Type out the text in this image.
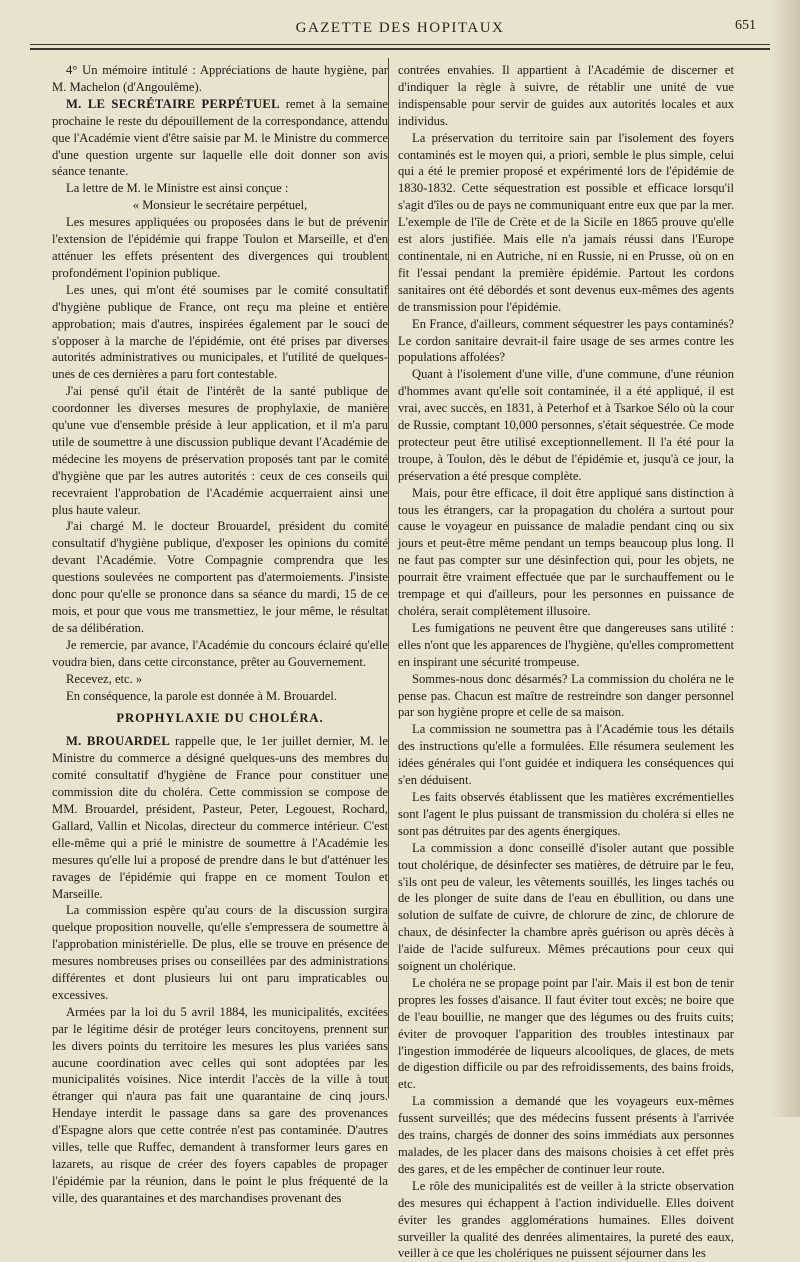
GAZETTE DES HOPITAUX	651

4° Un mémoire intitulé : Appréciations de haute hygiène, par M. Machelon (d'Angoulême).

M. LE SECRÉTAIRE PERPÉTUEL remet à la semaine prochaine le reste du dépouillement de la correspondance, attendu que l'Académie vient d'être saisie par M. le Ministre du commerce d'une question urgente sur laquelle elle doit donner son avis séance tenante.

La lettre de M. le Ministre est ainsi conçue :

« Monsieur le secrétaire perpétuel,

Les mesures appliquées ou proposées dans le but de prévenir l'extension de l'épidémie qui frappe Toulon et Marseille, et d'en atténuer les effets présentent des divergences qui troublent profondément l'opinion publique.

Les unes, qui m'ont été soumises par le comité consultatif d'hygiène publique de France, ont reçu ma pleine et entière approbation; mais d'autres, inspirées également par le souci de s'opposer à la marche de l'épidémie, ont été prises par diverses autorités administratives ou municipales, et l'utilité de quelques-unes de ces dernières a paru fort contestable.

J'ai pensé qu'il était de l'intérêt de la santé publique de coordonner les diverses mesures de prophylaxie, de manière qu'une vue d'ensemble préside à leur application, et il m'a paru utile de soumettre à une discussion publique devant l'Académie de médecine les moyens de préservation proposés tant par le comité d'hygiène que par les autres autorités : ceux de ces conseils qui recevraient l'approbation de l'Académie acquerraient ainsi une plus haute valeur.

J'ai chargé M. le docteur Brouardel, président du comité consultatif d'hygiène publique, d'exposer les opinions du comité devant l'Académie. Votre Compagnie comprendra que les questions soulevées ne comportent pas d'atermoiements. J'insiste donc pour qu'elle se prononce dans sa séance du mardi, 15 de ce mois, et pour que vous me transmettiez, le jour même, le résultat de sa délibération.

Je remercie, par avance, l'Académie du concours éclairé qu'elle voudra bien, dans cette circonstance, prêter au Gouvernement.

Recevez, etc. »

En conséquence, la parole est donnée à M. Brouardel.

PROPHYLAXIE DU CHOLÉRA.

M. BROUARDEL rappelle que, le 1er juillet dernier, M. le Ministre du commerce a désigné quelques-uns des membres du comité consultatif d'hygiène de France pour constituer une commission dite du choléra. Cette commission se compose de MM. Brouardel, président, Pasteur, Peter, Legouest, Rochard, Gallard, Vallin et Nicolas, directeur du commerce intérieur. C'est elle-même qui a prié le ministre de soumettre à l'Académie les mesures qu'elle lui a proposé de prendre dans le but d'atténuer les ravages de l'épidémie qui frappe en ce moment Toulon et Marseille.

La commission espère qu'au cours de la discussion surgira quelque proposition nouvelle, qu'elle s'empressera de soumettre à l'approbation ministérielle. De plus, elle se trouve en présence de mesures nombreuses prises ou conseillées par des administrations différentes et dont plusieurs lui ont paru impraticables ou excessives.

Armées par la loi du 5 avril 1884, les municipalités, excitées par le légitime désir de protéger leurs concitoyens, prennent sur les divers points du territoire les mesures les plus variées sans aucune coordination avec celles qui sont adoptées par les municipalités voisines. Nice interdit l'accès de la ville à tout étranger qui n'aura pas fait une quarantaine de cinq jours. Hendaye interdit le passage dans sa gare des provenances d'Espagne alors que cette contrée n'est pas contaminée. D'autres villes, telle que Ruffec, demandent à transformer leurs gares en lazarets, au risque de créer des foyers capables de propager l'épidémie par la réunion, dans le point le plus fréquenté de la ville, des quarantaines et des marchandises provenant des

contrées envahies. Il appartient à l'Académie de discerner et d'indiquer la règle à suivre, de rétablir une unité de vue indispensable pour servir de guides aux autorités locales et aux individus.

La préservation du territoire sain par l'isolement des foyers contaminés est le moyen qui, a priori, semble le plus simple, celui qui a été le premier proposé et expérimenté lors de l'épidémie de 1830-1832. Cette séquestration est possible et efficace lorsqu'il s'agit d'îles ou de pays ne communiquant entre eux que par la mer. L'exemple de l'île de Crète et de la Sicile en 1865 prouve qu'elle est alors justifiée. Mais elle n'a jamais réussi dans l'Europe continentale, ni en Autriche, ni en Russie, ni en Prusse, où on en fit l'essai pendant la première épidémie. Partout les cordons sanitaires ont été débordés et sont devenus eux-mêmes des agents de transmission pour l'épidémie.

En France, d'ailleurs, comment séquestrer les pays contaminés? Le cordon sanitaire devrait-il faire usage de ses armes contre les populations affolées?

Quant à l'isolement d'une ville, d'une commune, d'une réunion d'hommes avant qu'elle soit contaminée, il a été appliqué, il est vrai, avec succès, en 1831, à Peterhof et à Tsarkoe Sélo où la cour de Russie, comptant 10,000 personnes, s'était séquestrée. Ce mode protecteur peut être utilisé exceptionnellement. Il l'a été pour la troupe, à Toulon, dès le début de l'épidémie et, jusqu'à ce jour, la préservation a été presque complète.

Mais, pour être efficace, il doit être appliqué sans distinction à tous les étrangers, car la propagation du choléra a surtout pour cause le voyageur en puissance de maladie pendant cinq ou six jours et peut-être même pendant un temps beaucoup plus long. Il ne faut pas compter sur une désinfection qui, pour les objets, ne pourrait être vraiment effectuée que par le surchauffement ou le trempage et qui d'ailleurs, pour les personnes en puissance de choléra, serait complètement illusoire.

Les fumigations ne peuvent être que dangereuses sans utilité : elles n'ont que les apparences de l'hygiène, qu'elles compromettent en inspirant une sécurité trompeuse.

Sommes-nous donc désarmés? La commission du choléra ne le pense pas. Chacun est maître de restreindre son danger personnel par son hygiène propre et celle de sa maison.

La commission ne soumettra pas à l'Académie tous les détails des instructions qu'elle a formulées. Elle résumera seulement les idées générales qui l'ont guidée et indiquera les conséquences qui s'en déduisent.

Les faits observés établissent que les matières excrémentielles sont l'agent le plus puissant de transmission du choléra si elles ne sont pas détruites par des agents énergiques.

La commission a donc conseillé d'isoler autant que possible tout cholérique, de désinfecter ses matières, de détruire par le feu, s'ils ont peu de valeur, les vêtements souillés, les linges tachés ou de les plonger de suite dans de l'eau en ébullition, ou dans une solution de sulfate de cuivre, de chlorure de zinc, de chlorure de chaux, de désinfecter la chambre après guérison ou après décès à l'aide de l'acide sulfureux. Mêmes précautions pour ceux qui soignent un cholérique.

Le choléra ne se propage point par l'air. Mais il est bon de tenir propres les fosses d'aisance. Il faut éviter tout excès; ne boire que de l'eau bouillie, ne manger que des légumes ou des fruits cuits; éviter de provoquer l'apparition des troubles intestinaux par l'ingestion immodérée de liqueurs alcooliques, de glaces, de mets de digestion difficile ou par des refroidissements, des bains froids, etc.

La commission a demandé que les voyageurs eux-mêmes fussent surveillés; que des médecins fussent présents à l'arrivée des trains, chargés de donner des soins immédiats aux personnes malades, de les placer dans des maisons choisies à cet effet près des gares, et de les empêcher de continuer leur route.

Le rôle des municipalités est de veiller à la stricte observation des mesures qui échappent à l'action individuelle. Elles doivent éviter les grandes agglomérations humaines. Elles doivent surveiller la qualité des denrées alimentaires, la pureté des eaux, veiller à ce que les cholériques ne puissent séjourner dans les
